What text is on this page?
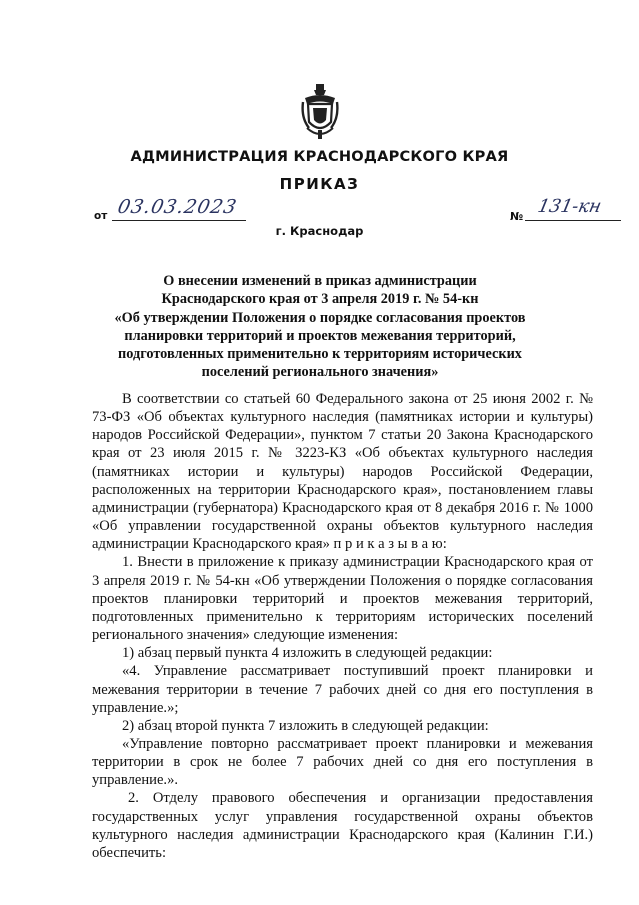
АДМИНИСТРАЦИЯ КРАСНОДАРСКОГО КРАЯ
ПРИКАЗ
от 03.03.2023	№ 131-кн
г. Краснодар
О внесении изменений в приказ администрации
Краснодарского края от 3 апреля 2019 г. № 54-кн
«Об утверждении Положения о порядке согласования проектов
планировки территорий и проектов межевания территорий,
подготовленных применительно к территориям исторических
поселений регионального значения»

В соответствии со статьей 60 Федерального закона от 25 июня 2002 г. № 73-ФЗ «Об объектах культурного наследия (памятниках истории и культуры) народов Российской Федерации», пунктом 7 статьи 20 Закона Краснодарского края от 23 июля 2015 г. № 3223-КЗ «Об объектах культурного наследия (памятниках истории и культуры) народов Российской Федерации, расположенных на территории Краснодарского края», постановлением главы администрации (губернатора) Краснодарского края от 8 декабря 2016 г. № 1000 «Об управлении государственной охраны объектов культурного наследия администрации Краснодарского края» п р и к а з ы в а ю:

1. Внести в приложение к приказу администрации Краснодарского края от 3 апреля 2019 г. № 54-кн «Об утверждении Положения о порядке согласования проектов планировки территорий и проектов межевания территорий, подготовленных применительно к территориям исторических поселений регионального значения» следующие изменения:

1) абзац первый пункта 4 изложить в следующей редакции:

«4. Управление рассматривает поступивший проект планировки и межевания территории в течение 7 рабочих дней со дня его поступления в управление.»;

2) абзац второй пункта 7 изложить в следующей редакции:

«Управление повторно рассматривает проект планировки и межевания территории в срок не более 7 рабочих дней со дня его поступления в управление.».

2. Отделу правового обеспечения и организации предоставления государственных услуг управления государственной охраны объектов культурного наследия администрации Краснодарского края (Калинин Г.И.) обеспечить:
